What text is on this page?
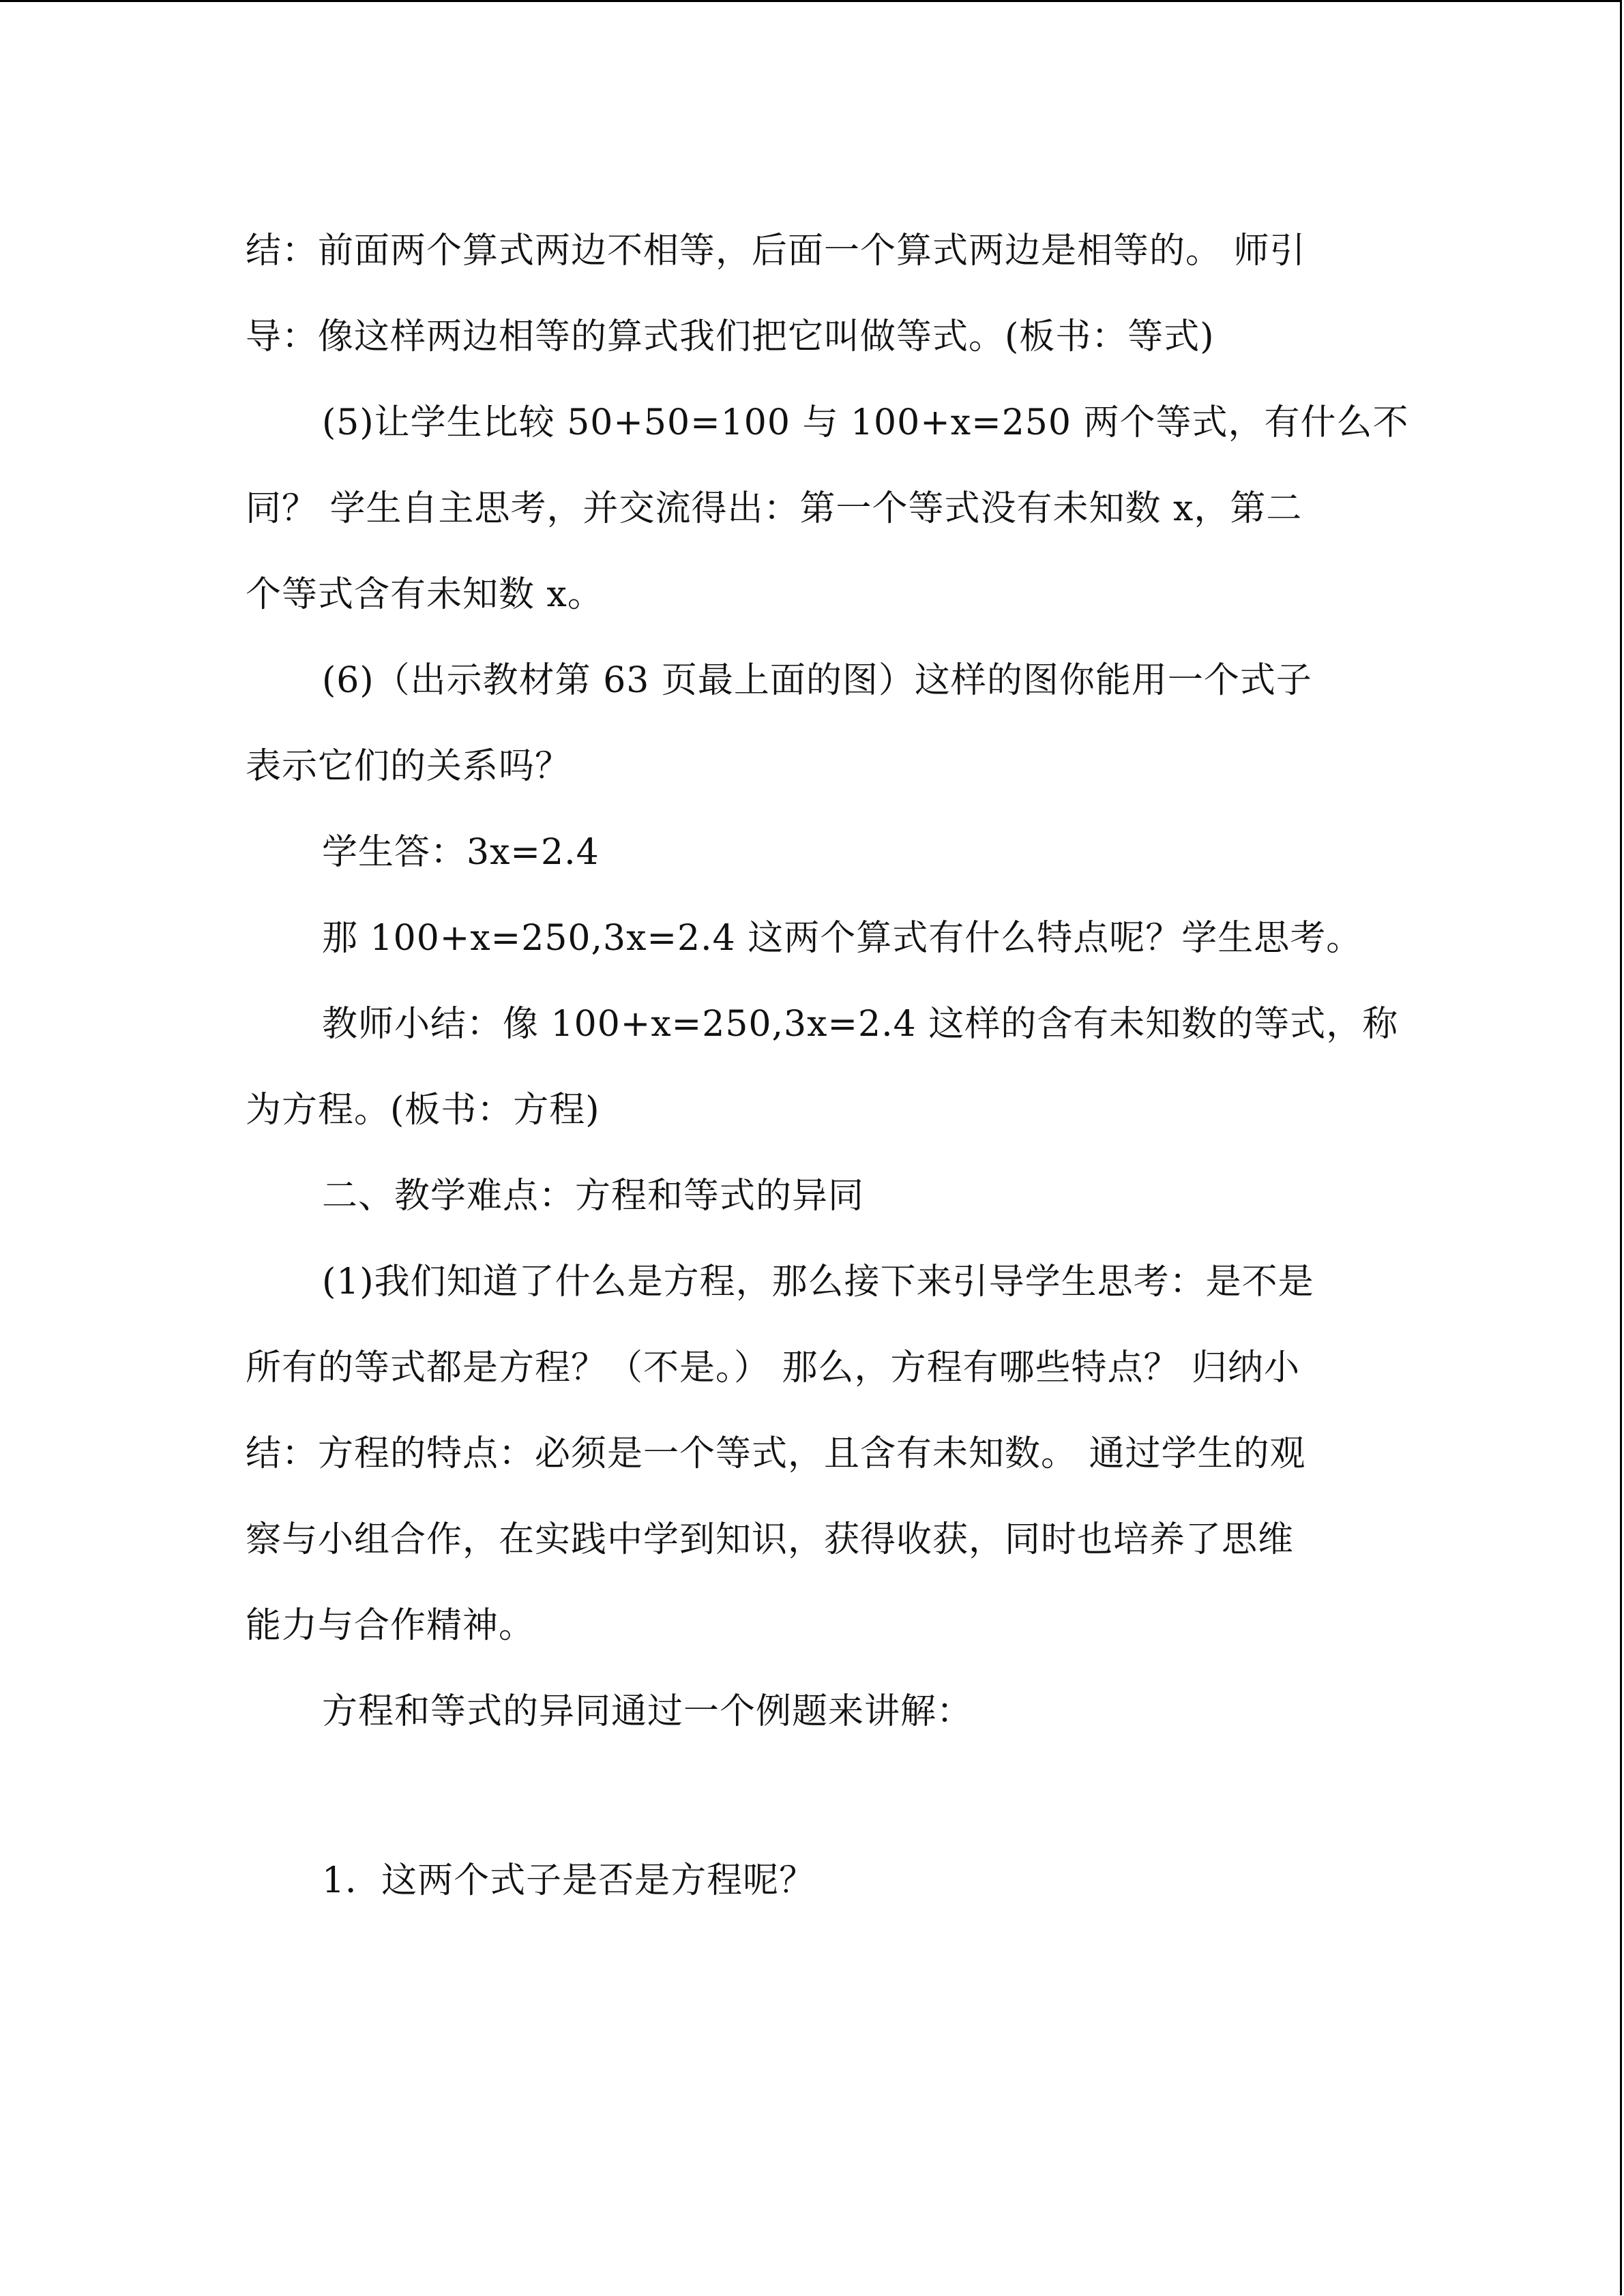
结：前面两个算式两边不相等，后面一个算式两边是相等的。 师引
导：像这样两边相等的算式我们把它叫做等式。(板书：等式)
(5)让学生比较 50+50=100 与 100+x=250 两个等式，有什么不
同？ 学生自主思考，并交流得出：第一个等式没有未知数 x，第二
个等式含有未知数 x。
(6)（出示教材第 63 页最上面的图）这样的图你能用一个式子
表示它们的关系吗？
学生答：3x=2.4
那 100+x=250,3x=2.4 这两个算式有什么特点呢？学生思考。
教师小结：像 100+x=250,3x=2.4 这样的含有未知数的等式，称
为方程。(板书：方程)
二、教学难点：方程和等式的异同
(1)我们知道了什么是方程，那么接下来引导学生思考：是不是
所有的等式都是方程？（不是。） 那么，方程有哪些特点？ 归纳小
结：方程的特点：必须是一个等式，且含有未知数。 通过学生的观
察与小组合作，在实践中学到知识，获得收获，同时也培养了思维
能力与合作精神。
方程和等式的异同通过一个例题来讲解：
1．这两个式子是否是方程呢？
